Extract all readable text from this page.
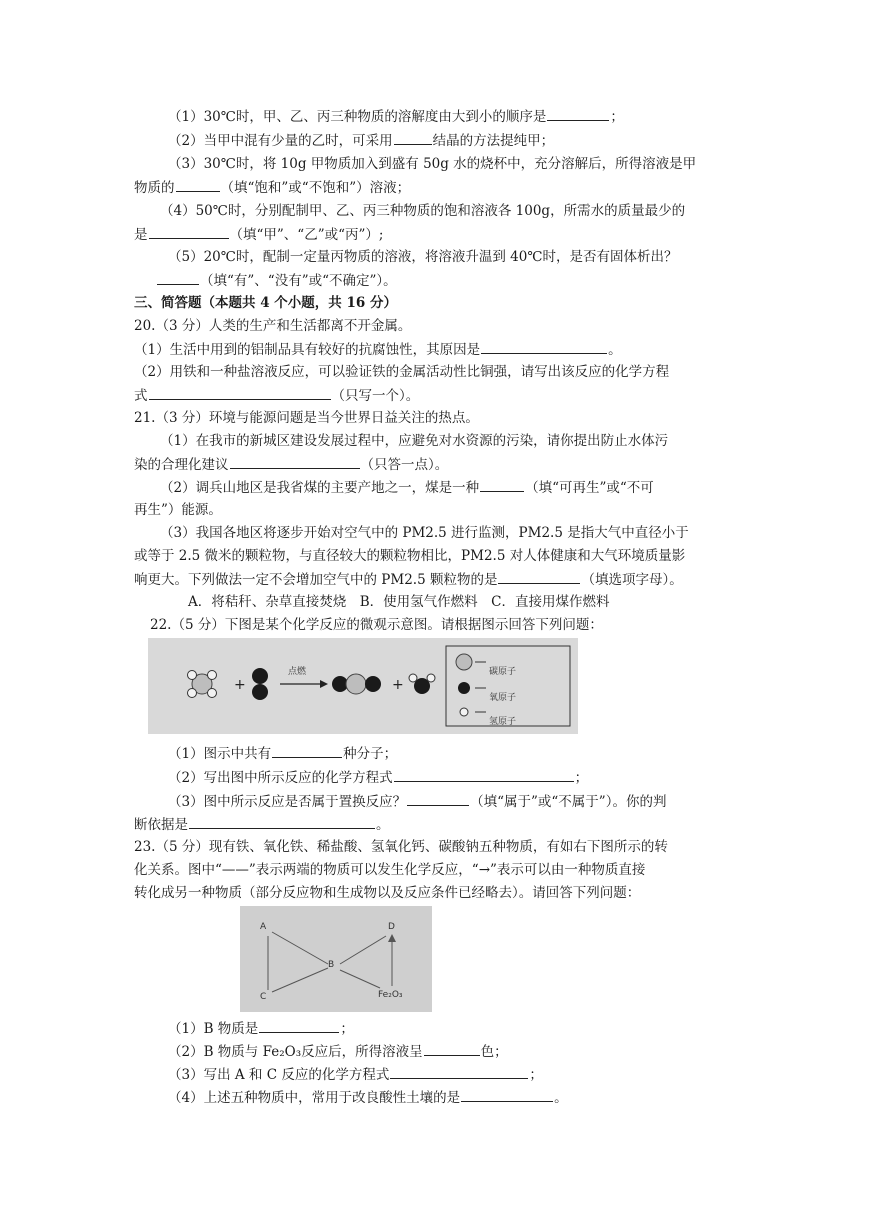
（1）30℃时，甲、乙、丙三种物质的溶解度由大到小的顺序是	；
（2）当甲中混有少量的乙时，可采用	结晶的方法提纯甲；
（3）30℃时，将 10g 甲物质加入到盛有 50g 水的烧杯中，充分溶解后，所得溶液是甲
物质的	（填“饱和”或“不饱和”）溶液；
（4）50℃时，分别配制甲、乙、丙三种物质的饱和溶液各 100g，所需水的质量最少的
是	（填“甲”、“乙”或“丙”）;
（5）20℃时，配制一定量丙物质的溶液，将溶液升温到 40℃时，是否有固体析出？
（填“有”、“没有”或“不确定”）。
三、简答题（本题共 4 个小题，共 16 分）
20.（3 分）人类的生产和生活都离不开金属。
（1）生活中用到的铝制品具有较好的抗腐蚀性，其原因是	。
（2）用铁和一种盐溶液反应，可以验证铁的金属活动性比铜强，请写出该反应的化学方程
式	（只写一个）。
21.（3 分）环境与能源问题是当今世界日益关注的热点。
（1）在我市的新城区建设发展过程中，应避免对水资源的污染，请你提出防止水体污
染的合理化建议	（只答一点）。
（2）调兵山地区是我省煤的主要产地之一，煤是一种	（填“可再生”或“不可
再生”）能源。
（3）我国各地区将逐步开始对空气中的 PM2.5 进行监测，PM2.5 是指大气中直径小于
或等于 2.5 微米的颗粒物，与直径较大的颗粒物相比，PM2.5 对人体健康和大气环境质量影
响更大。下列做法一定不会增加空气中的 PM2.5 颗粒物的是	（填选项字母）。
A．将秸秆、杂草直接焚烧　B．使用氢气作燃料　C．直接用煤作燃料
22.（5 分）下图是某个化学反应的微观示意图。请根据图示回答下列问题：
+	+
点燃	碳原子
氧原子
氢原子
（1）图示中共有	种分子；
（2）写出图中所示反应的化学方程式	；
（3）图中所示反应是否属于置换反应？	（填“属于”或“不属于”）。你的判
断依据是	。
23.（5 分）现有铁、氧化铁、稀盐酸、氢氧化钙、碳酸钠五种物质，有如右下图所示的转
化关系。图中“——”表示两端的物质可以发生化学反应，“→”表示可以由一种物质直接
转化成另一种物质（部分反应物和生成物以及反应条件已经略去）。请回答下列问题：
A
B
C
D
Fe₂O₃
（1）B 物质是	；
（2）B 物质与 Fe₂O₃反应后，所得溶液呈	色；
（3）写出 A 和 C 反应的化学方程式	；
（4）上述五种物质中，常用于改良酸性土壤的是	。
